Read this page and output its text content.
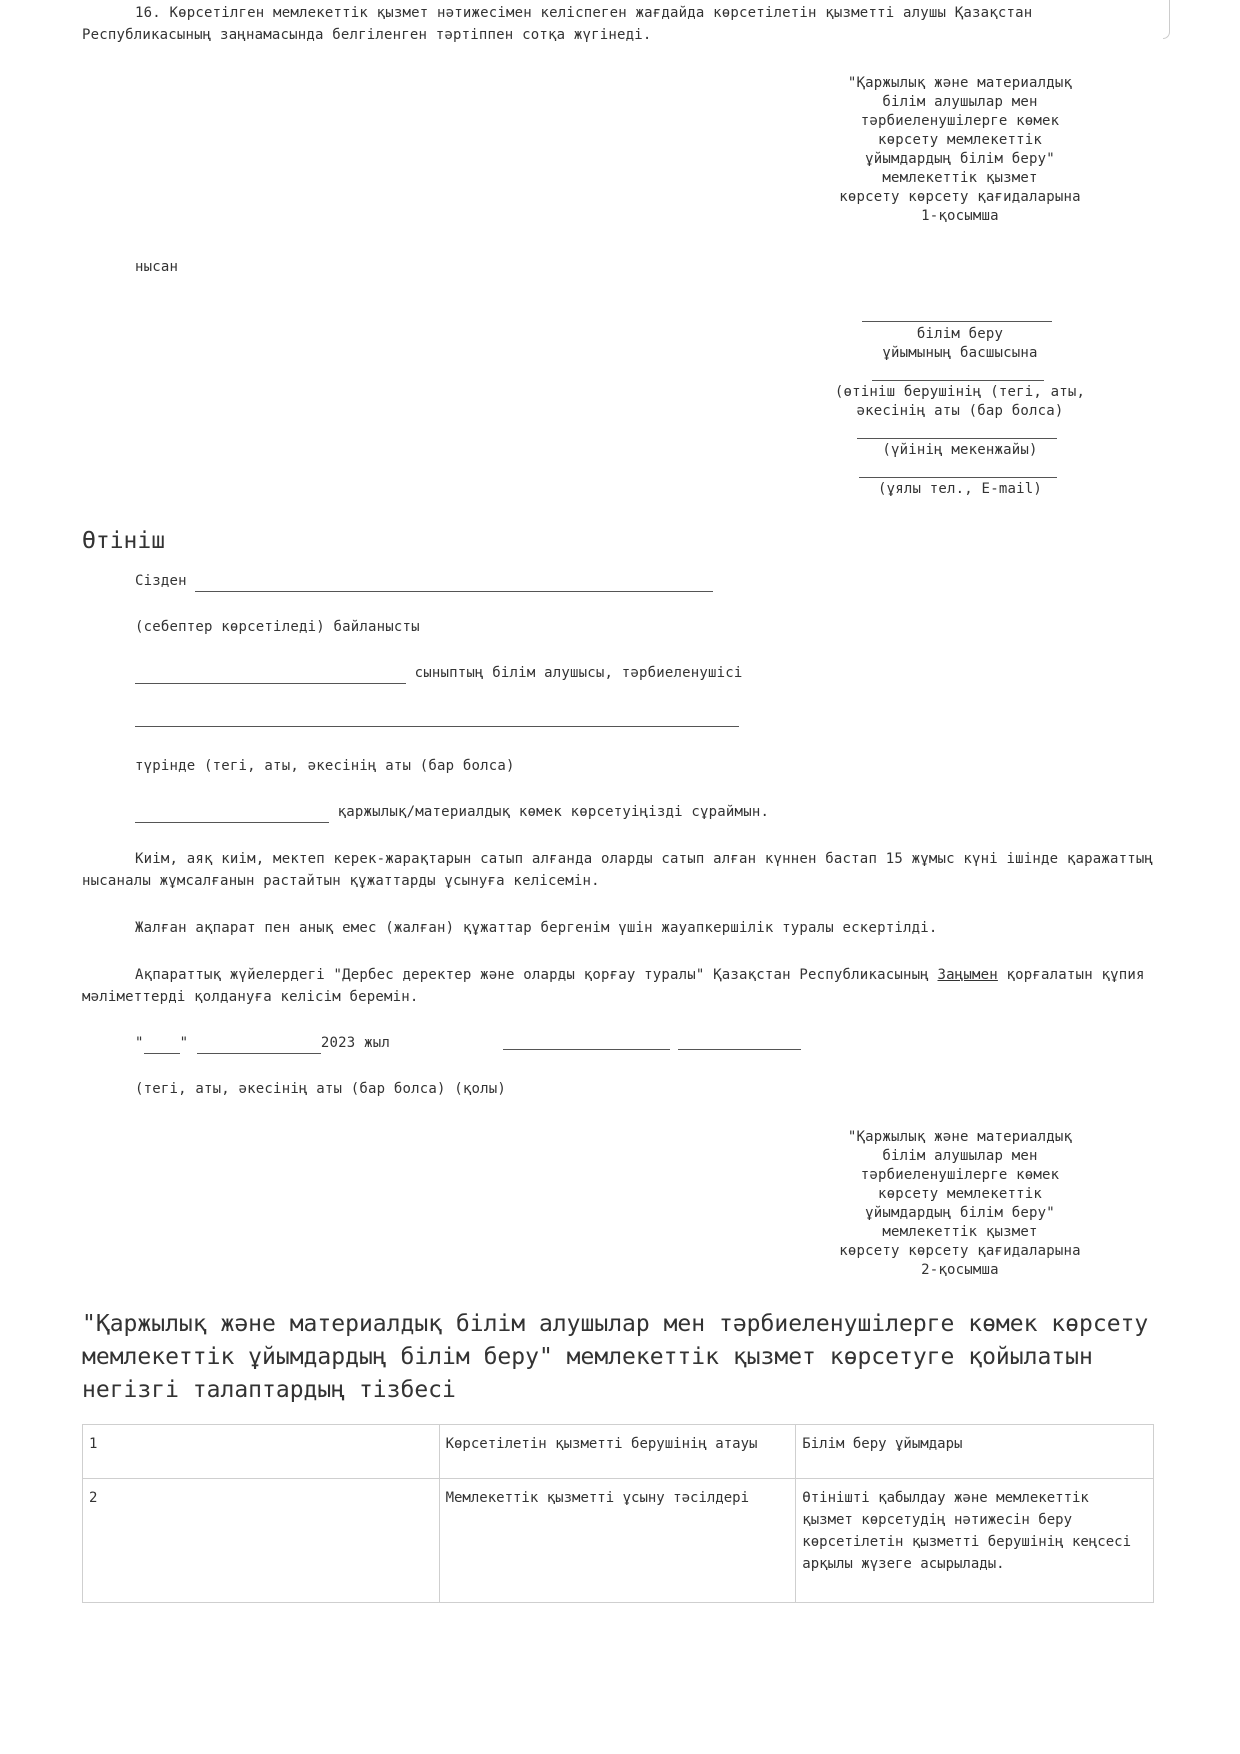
16. Көрсетілген мемлекеттік қызмет нәтижесімен келіспеген жағдайда көрсетілетін қызметті алушы Қазақстан Республикасының заңнамасында белгіленген тәртіппен сотқа жүгінеді.
"Қаржылық және материалдық
білім алушылар мен
тәрбиеленушілерге көмек
көрсету мемлекеттік
ұйымдардың білім беру"
мемлекеттік қызмет
көрсету көрсету қағидаларына
1-қосымша
нысан
білім беру
ұйымының басшысына
(өтініш берушінің (тегі, аты,
әкесінің аты (бар болса)
(үйінің мекенжайы)
(ұялы тел., E-mail)
Өтініш
Сізден
(себептер көрсетіледі) байланысты
сыныптың білім алушысы, тәрбиеленушісі
түрінде (тегі, аты, әкесінің аты (бар болса)
қаржылық/материалдық көмек көрсетуіңізді сұраймын.
Киім, аяқ киім, мектеп керек-жарақтарын сатып алғанда оларды сатып алған күннен бастап 15 жұмыс күні ішінде қаражаттың нысаналы жұмсалғанын растайтын құжаттарды ұсынуға келісемін.
Жалған ақпарат пен анық емес (жалған) құжаттар бергенім үшін жауапкершілік туралы ескертілді.
Ақпараттық жүйелердегі "Дербес деректер және оларды қорғау туралы" Қазақстан Республикасының Заңымен қорғалатын құпия мәліметтерді қолдануға келісім беремін.
"	"	2023 жыл
(тегі, аты, әкесінің аты (бар болса) (қолы)
"Қаржылық және материалдық
білім алушылар мен
тәрбиеленушілерге көмек
көрсету мемлекеттік
ұйымдардың білім беру"
мемлекеттік қызмет
көрсету көрсету қағидаларына
2-қосымша
"Қаржылық және материалдық білім алушылар мен тәрбиеленушілерге көмек көрсету мемлекеттік ұйымдардың білім беру" мемлекеттік қызмет көрсетуге қойылатын негізгі талаптардың тізбесі
1	Көрсетілетін қызметті берушінің атауы	Білім беру ұйымдары
2	Мемлекеттік қызметті ұсыну тәсілдері	Өтінішті қабылдау және мемлекеттік қызмет көрсетудің нәтижесін беру көрсетілетін қызметті берушінің кеңсесі арқылы жүзеге асырылады.
